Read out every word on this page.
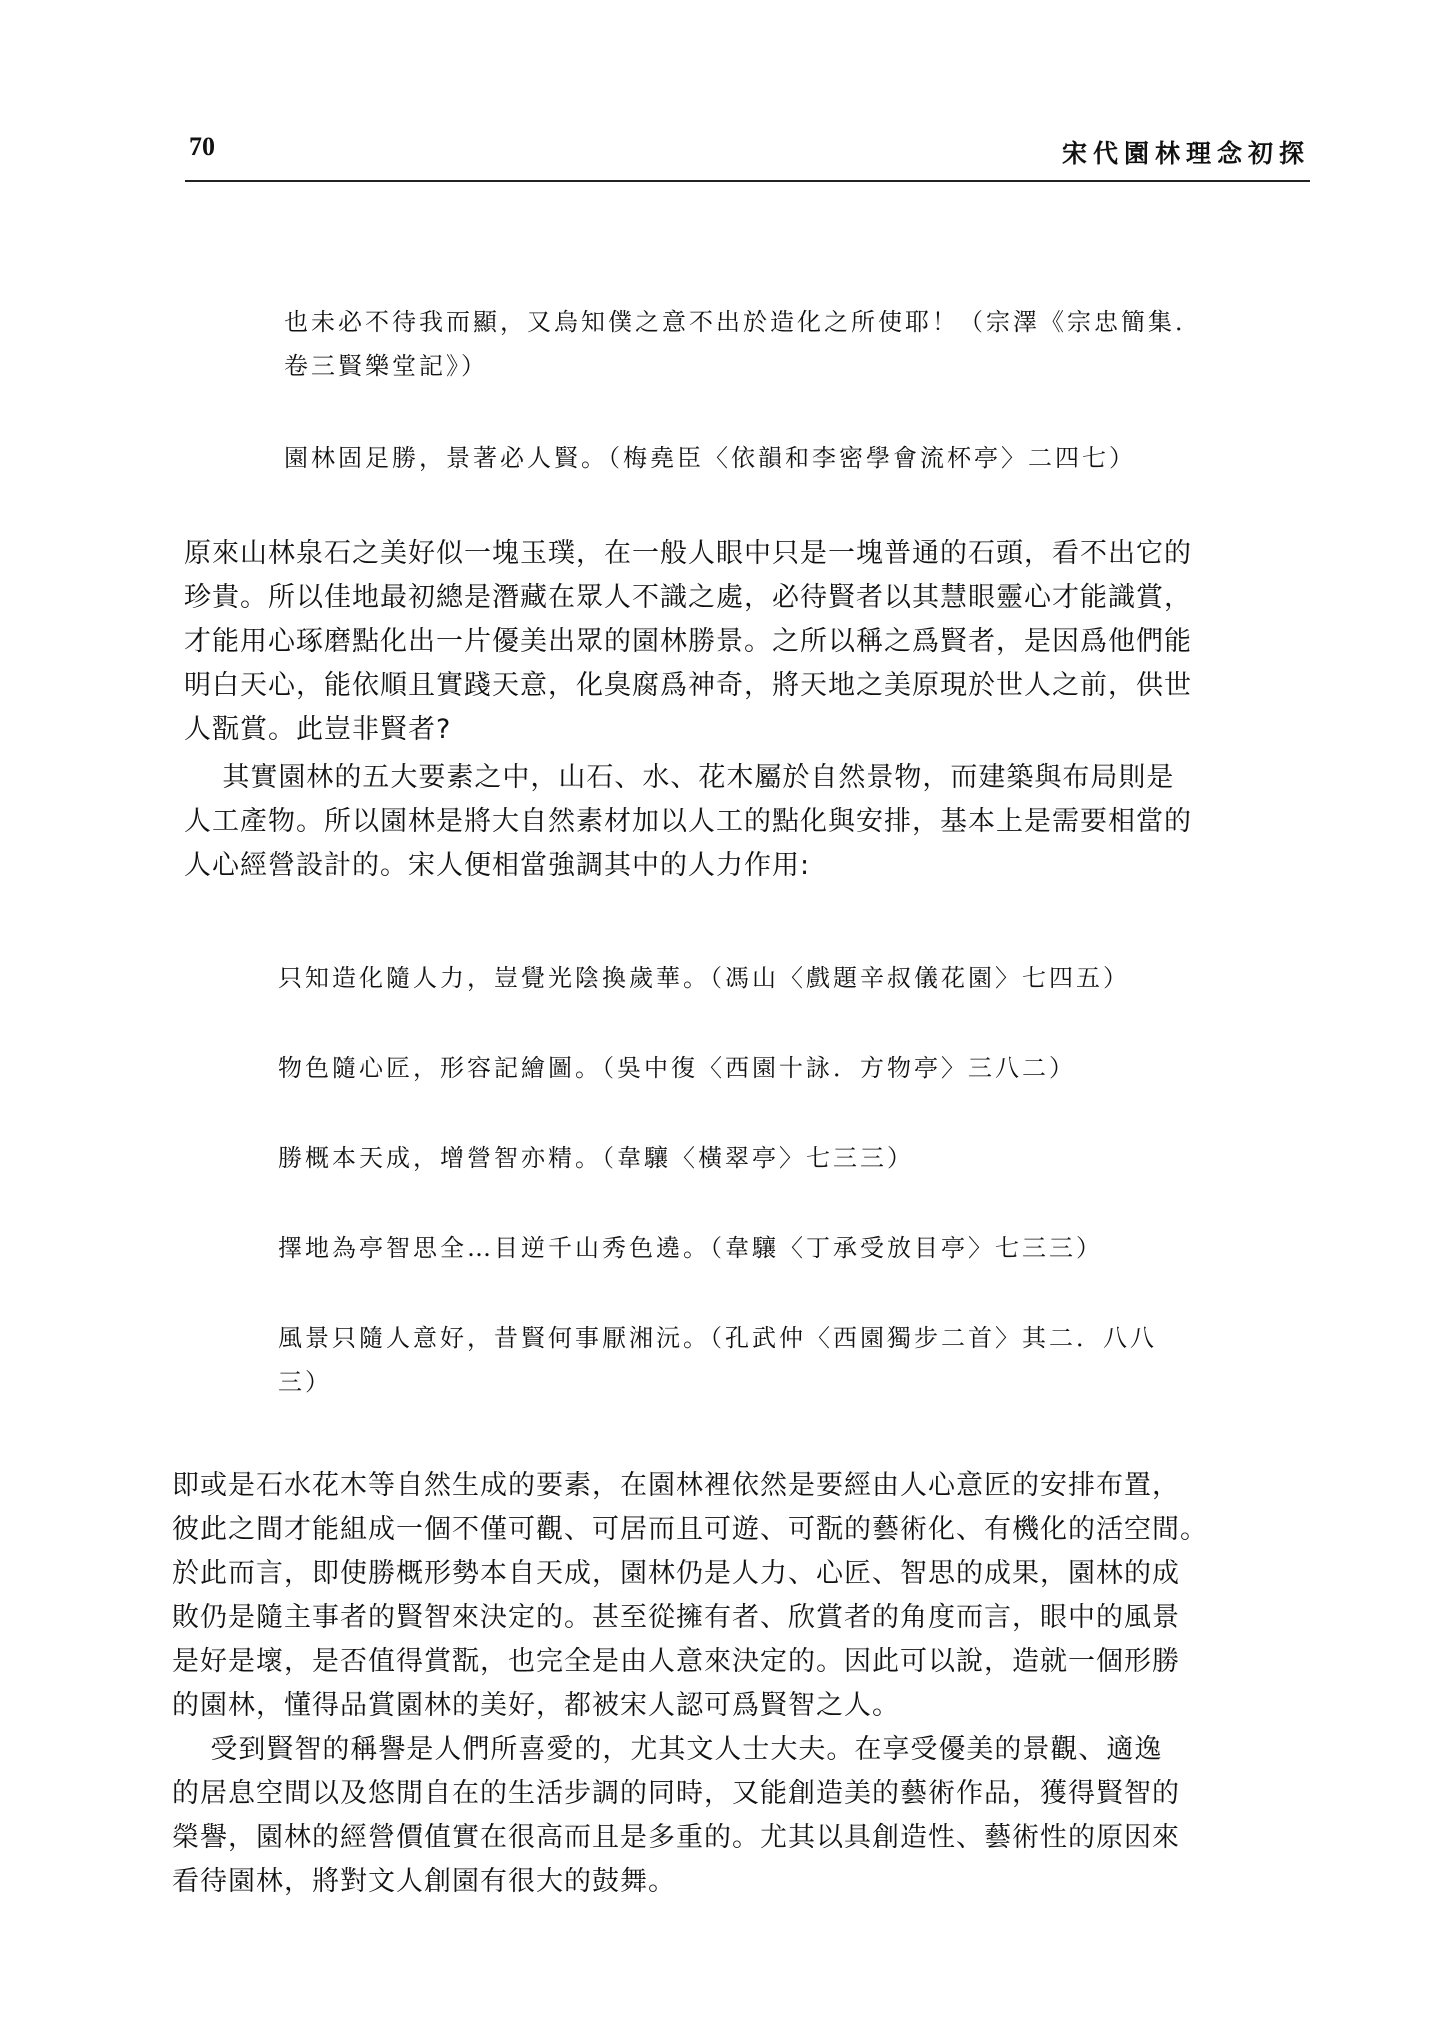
70	宋代園林理念初探

也未必不待我而顯，又烏知僕之意不出於造化之所使耶！（宗澤《宗忠簡集．
卷三賢樂堂記》）

園林固足勝，景著必人賢。（梅堯臣〈依韻和李密學會流杯亭〉二四七）

原來山林泉石之美好似一塊玉璞，在一般人眼中只是一塊普通的石頭，看不出它的
珍貴。所以佳地最初總是潛藏在眾人不識之處，必待賢者以其慧眼靈心才能識賞，
才能用心琢磨點化出一片優美出眾的園林勝景。之所以稱之爲賢者，是因爲他們能
明白天心，能依順且實踐天意，化臭腐爲神奇，將天地之美原現於世人之前，供世
人翫賞。此豈非賢者?

其實園林的五大要素之中，山石、水、花木屬於自然景物，而建築與布局則是
人工產物。所以園林是將大自然素材加以人工的點化與安排，基本上是需要相當的
人心經營設計的。宋人便相當強調其中的人力作用:

只知造化隨人力，豈覺光陰換歲華。（馮山〈戲題辛叔儀花園〉七四五）

物色隨心匠，形容記繪圖。（吳中復〈西園十詠．方物亭〉三八二）

勝概本天成，增營智亦精。（韋驤〈橫翠亭〉七三三）

擇地為亭智思全…目逆千山秀色遶。（韋驤〈丁承受放目亭〉七三三）

風景只隨人意好，昔賢何事厭湘沅。（孔武仲〈西園獨步二首〉其二．八八
三）

即或是石水花木等自然生成的要素，在園林裡依然是要經由人心意匠的安排布置，
彼此之間才能組成一個不僅可觀、可居而且可遊、可翫的藝術化、有機化的活空間。
於此而言，即使勝概形勢本自天成，園林仍是人力、心匠、智思的成果，園林的成
敗仍是隨主事者的賢智來決定的。甚至從擁有者、欣賞者的角度而言，眼中的風景
是好是壞，是否值得賞翫，也完全是由人意來決定的。因此可以說，造就一個形勝
的園林，懂得品賞園林的美好，都被宋人認可爲賢智之人。

受到賢智的稱譽是人們所喜愛的，尤其文人士大夫。在享受優美的景觀、適逸
的居息空間以及悠閒自在的生活步調的同時，又能創造美的藝術作品，獲得賢智的
榮譽，園林的經營價值實在很高而且是多重的。尤其以具創造性、藝術性的原因來
看待園林，將對文人創園有很大的鼓舞。
